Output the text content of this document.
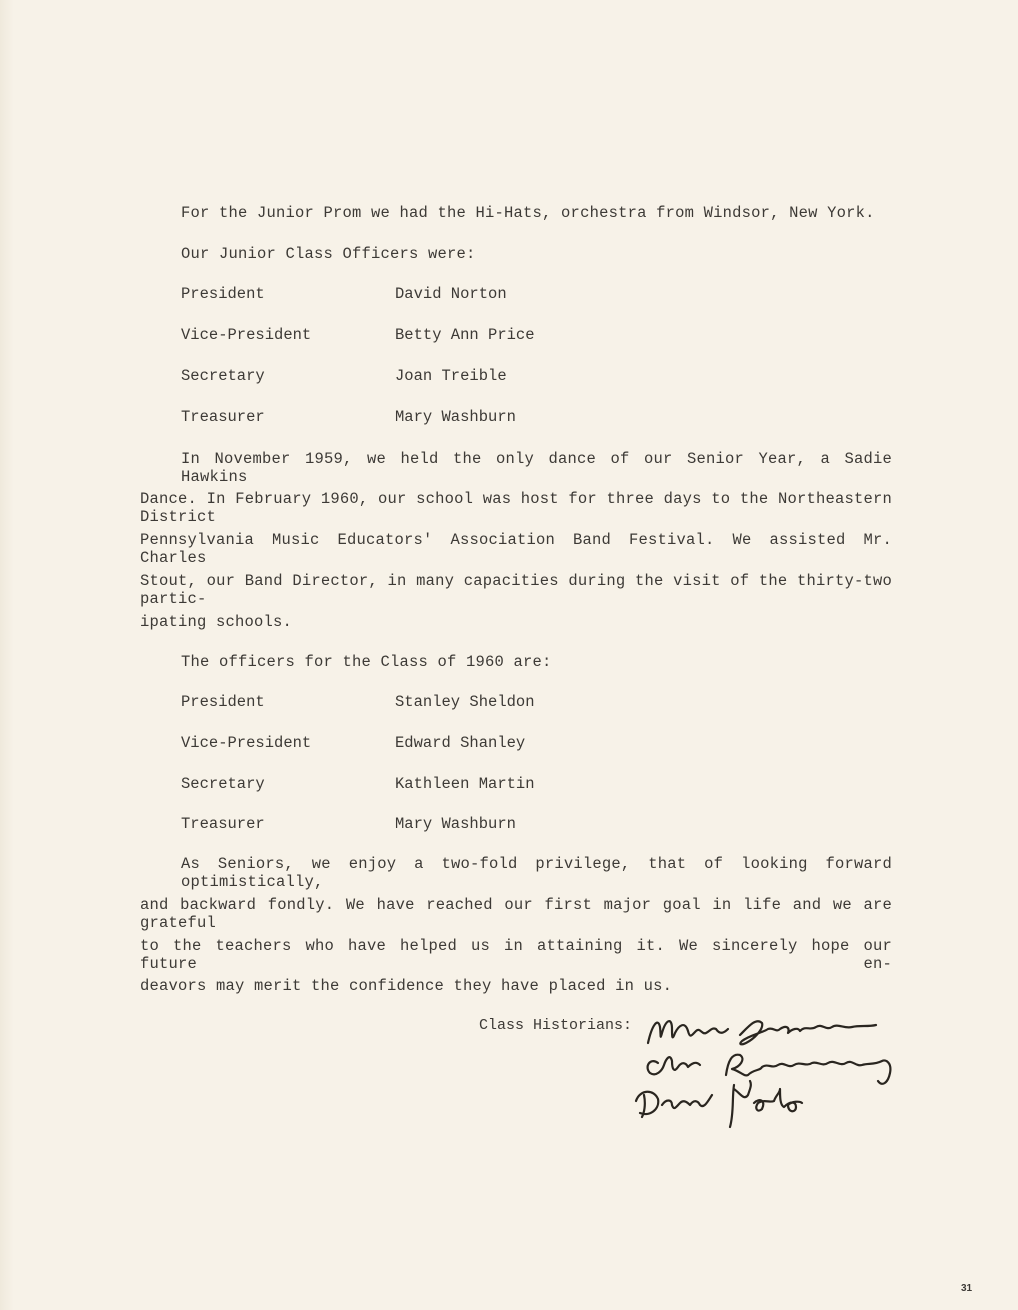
For the Junior Prom we had the Hi-Hats, orchestra from Windsor, New York.
Our Junior Class Officers were:
President	David Norton
Vice-President	Betty Ann Price
Secretary	Joan Treible
Treasurer	Mary Washburn
In November 1959, we held the only dance of our Senior Year, a Sadie Hawkins
Dance. In February 1960, our school was host for three days to the Northeastern District
Pennsylvania Music Educators' Association Band Festival. We assisted Mr. Charles
Stout, our Band Director, in many capacities during the visit of the thirty-two partic-
ipating schools.
The officers for the Class of 1960 are:
President	Stanley Sheldon
Vice-President	Edward Shanley
Secretary	Kathleen Martin
Treasurer	Mary Washburn
As Seniors, we enjoy a two-fold privilege, that of looking forward optimistically,
and backward fondly. We have reached our first major goal in life and we are grateful
to the teachers who have helped us in attaining it. We sincerely hope our future en-
deavors may merit the confidence they have placed in us.
Class Historians:
31
